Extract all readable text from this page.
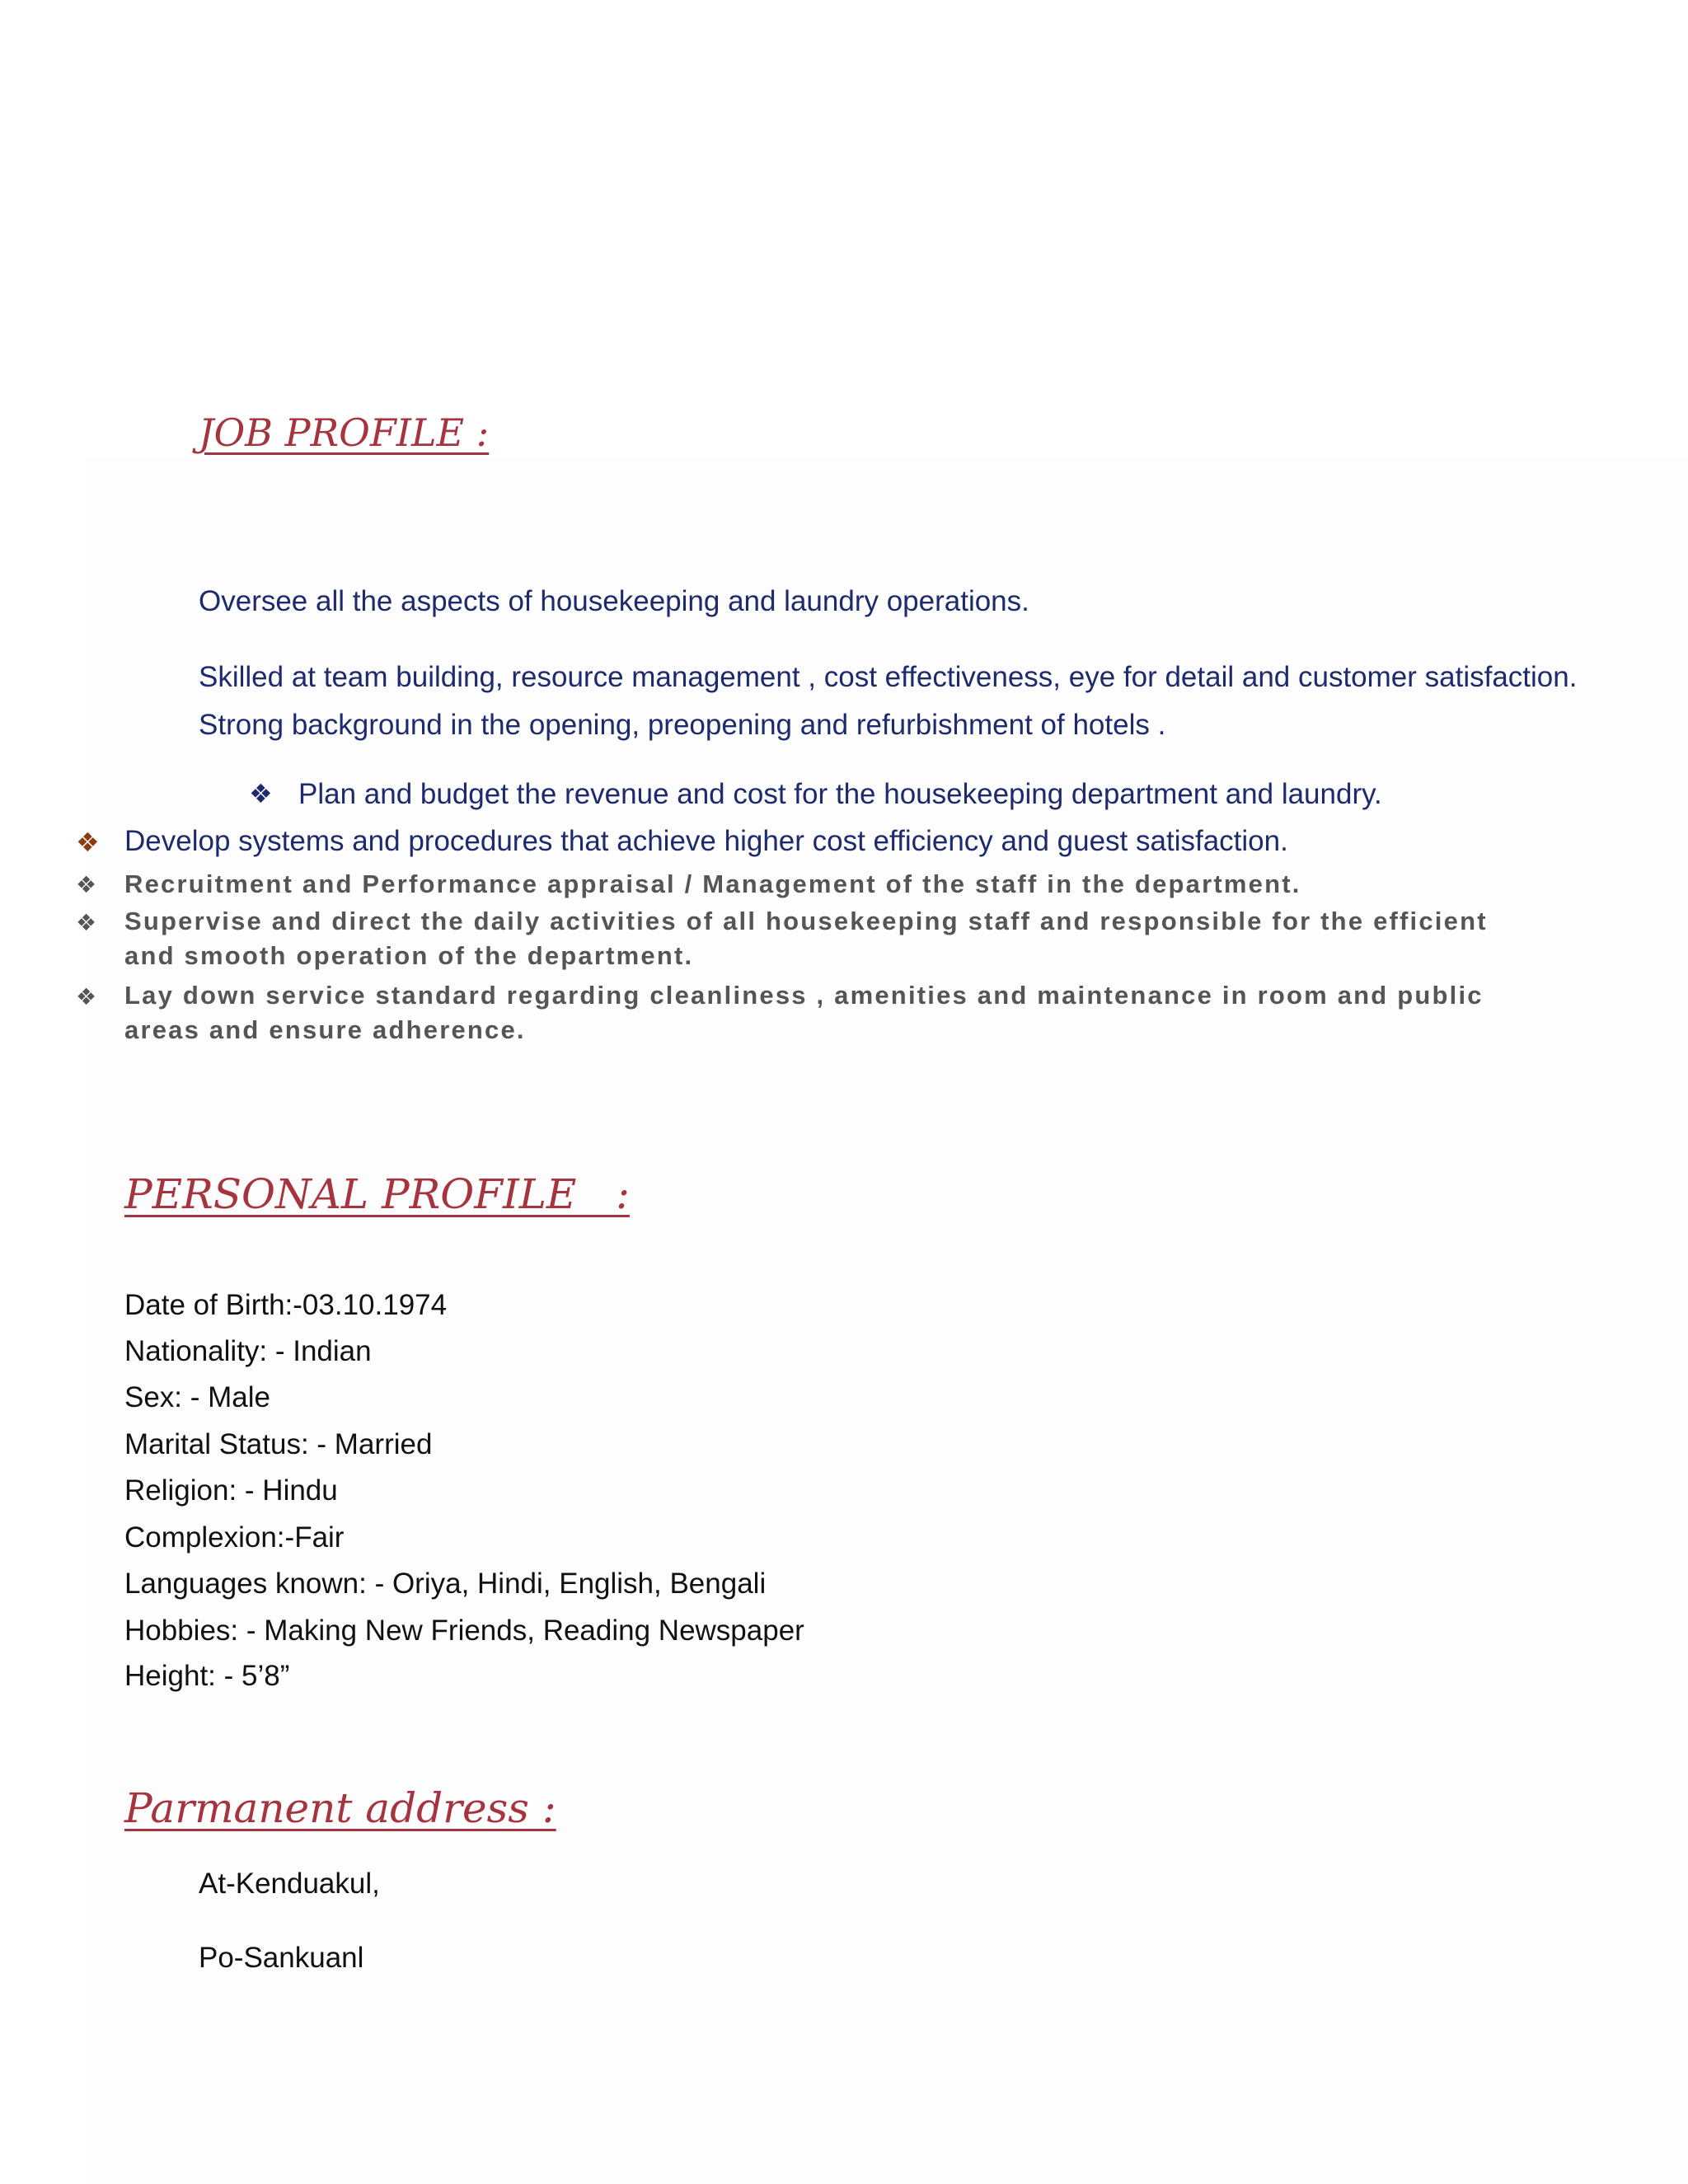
JOB PROFILE :
Oversee all the aspects of housekeeping and laundry operations.
Skilled at team building, resource management , cost effectiveness, eye for detail and customer satisfaction. Strong background in the opening, preopening and refurbishment of hotels .
❖ Plan and budget the revenue and cost for the housekeeping department and laundry.
❖ Develop systems and procedures that achieve higher cost efficiency and guest satisfaction.
❖ Recruitment and Performance appraisal / Management of the staff in the department.
❖ Supervise and direct the daily activities of all housekeeping staff and responsible for the efficient and smooth operation of the department.
❖ Lay down service standard regarding cleanliness , amenities and maintenance in room and public areas and ensure adherence.
PERSONAL PROFILE   :
Date of Birth:-03.10.1974
Nationality: - Indian
Sex: - Male
Marital Status: - Married
Religion: - Hindu
Complexion:-Fair
Languages known: - Oriya, Hindi, English, Bengali
Hobbies: - Making New Friends, Reading Newspaper
Height: - 5’8”
Parmanent address :
At-Kenduakul,
Po-Sankuanl
